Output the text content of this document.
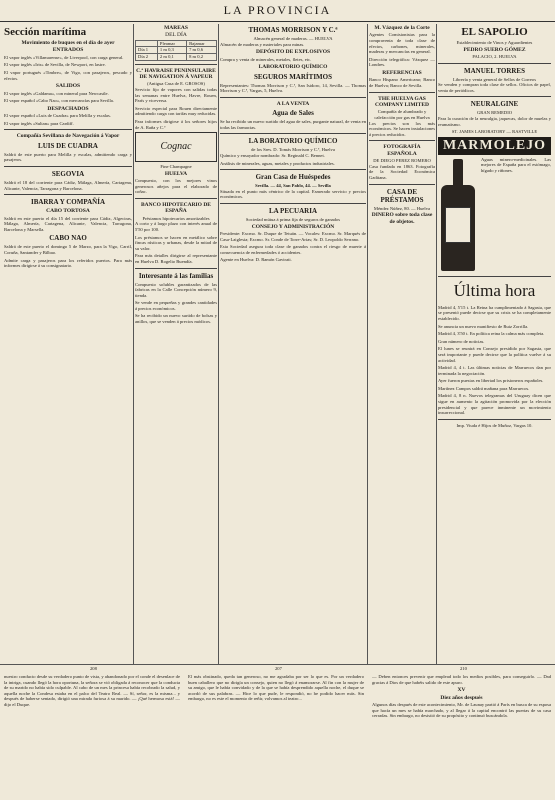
LA PROVINCIA
Sección marítima
Movimiento de buques en el día de ayer
ENTRADOS

El vapor inglés «Villamarense», de Liverpool, con carga general.

El vapor inglés «Iris» de Sevilla, de Newport, en lastre.

El vapor portugués «Timbre», de Vigo, con pasajeros, pescado y efectos.

SALIDOS

El vapor inglés «Galdama», con mineral para Newcastle.

El vapor español «Cabo Nao», con mercancías para Sevilla.

DESPACHADOS

El vapor español «Luis de Cuadra» para Melilla y escalas.

El vapor inglés «Sultan» para Cardiff.

Compañía Sevillana de Navegación á Vapor
LUIS DE CUADRA

Saldrá de este puerto para Melilla y escalas, admitiendo carga y pasajeros.

SEGOVIA

Saldrá el 18 del corriente para Cádiz, Málaga, Almería, Cartagena, Alicante, Valencia, Tarragona y Barcelona.

IBARRA Y COMPAÑÍA
CABO TORTOSA

Saldrá en este puerto el día 15 del corriente para Cádiz, Algeciras, Málaga, Almería, Cartagena, Alicante, Valencia, Tarragona, Barcelona y Marsella.

CABO NAO

Saldrá de este puerto el domingo 5 de Marzo, para la Vigo, Carril, Coruña, Santander y Bilbao.

Admite carga y pasajeros para los referidos puertos. Para más informes dirigirse á su consignatario.

MAREAS
DEL DÍA
	Pleamar	Bajamar
Día 1	1 m 0,3	7 m 0,6
Día 2	2 m 0,1	8 m 0,2
C.ª HAVRAISE PENINSULAIRE DE NAVIGATION Á VAPEUR
(Antigua Casa de E. GROSOS)

Servicio fijo de vapores con salidas todas las semanas entre Huelva, Havre, Rouen, París y viceversa.

Servicio especial para Rouen directamente admitiendo carga con tarifas muy reducidas.

Para informes dirigirse á los señores hijos de A. Raña y C.ª

Cognac
Fine Champagne
HUELVA

Compuesto, con los mejores vinos generosos añejos para el elaborado de coñac.

BANCO HIPOTECARIO DE ESPAÑA
Préstamos hipotecarios amortizables

A corto y á largo plazo con interés anual de 5'50 por 100.

Los préstamos se hacen en metálico sobre fincas rústicas y urbanas, desde la mitad de su valor.

Para más detalles dirigirse al representante en Huelva D. Rogelio Buendía.

Interesante á las familias

Compuesto solubles garantizados de las fabricas en la Calle Concepción número 9, tienda.

Se vende en pequeñas y grandes cantidades á precios económicos.

Se ha recibido un nuevo surtido de bolsas y anillos, que se venden á precios módicos.

THOMAS MORRISON Y C.ª
Almacén general de maderas. — HUELVA

Almacén de maderas y materiales para minas.

DEPÓSITO DE EXPLOSIVOS

Compra y venta de minerales, metales, fletes, etc.

LABORATORIO QUÍMICO
SEGUROS MARÍTIMOS

Representantes: Thomas Morrison y C.ª, San Isidoro, 14, Sevilla. — Thomas Morrison y C.ª, Vargas, 5, Huelva.

A LA VENTA
Agua de Sales

Se ha recibido un nuevo surtido del agua de sales, purgante natural, de venta en todas las farmacias.

LA BORATORIO QUÍMICO
de los Sres. D. Tomás Morrison y C.ª, Huelva

Químico y ensayador nombrado: Sr. Reginald C. Bennet.

Análisis de minerales, aguas, metales y productos industriales.

Gran Casa de Huéspedes
Sevilla. — 44, San Pablo, 44. — Sevilla

Situada en el punto más céntrico de la capital. Esmerado servicio y precios económicos.

LA PECUARIA
Sociedad mútua á prima fija de seguros de ganados
CONSEJO Y ADMINISTRACIÓN

Presidente: Excmo. Sr. Duque de Tetuán. — Vocales: Excmo. Sr. Marqués de Casa-Laiglesia; Excmo. Sr. Conde de Torre-Arias; Sr. D. Leopoldo Serrano.

Esta Sociedad asegura toda clase de ganados contra el riesgo de muerte á consecuencia de enfermedades ó accidentes.

Agente en Huelva: D. Ramón Gavirati.

M. Vázquez de la Corte

Agentes Comisionistas para la compraventa de toda clase de efectos, carbones, minerales, maderas y mercancías en general.

Dirección telegráfica: Vázquez — Londres.

REFERENCIAS

Banco Hispano Americano; Banco de Huelva; Banco de Sevilla.

THE HUELVA GAS COMPANY LIMITED
Compañía de alumbrado y calefacción por gas en Huelva

Los precios son los más económicos. Se hacen instalaciones á precios reducidos.

FOTOGRAFÍA ESPAÑOLA
DE DIEGO PEREZ ROMERO

Casa fundada en 1863. Fotografía de la Sociedad Económica Gaditana.

CASA DE PRÉSTAMOS
Méndez Núñez, 80. — Huelva
DINERO sobre toda clase de objetos.
EL SAPOLIO
Establecimiento de Vinos y Aguardientes
PEDRO SUERO GÓMEZ
PALACIO, 2. HUELVA
MANUEL TORRES
Librería y venta general de Sellos de Correos

Se venden y compran toda clase de sellos. Oficios de papel, venta de periódicos.

NEURALGINE
GRAN REMEDIO

Para la curación de la neuralgia, jaquecas, dolor de muelas y reumatismo.

ST. JAMES LABORATORY — RASTVILLE
MARMOLEJO

Aguas minero-medicinales. Las mejores de España para el estómago, hígado y riñones.

Última hora

Madrid 4, 5'15 t. La Reina ha cumplimentado á Sagasta, que se presentó puede decirse que su crisis se ha completamente establecido.

Se anuncia un nuevo manifiesto de Ruiz Zorrilla.

Madrid 4, 3'50 t. En política reina la calma más completa.

Gran número de noticias.

El lunes se reunirá en Consejo presidido por Sagasta, que será importante y puede decirse que la política vuelve á su actividad.

Madrid 4, 4 t. Las últimas noticias de Marruecos dan por terminada la negociación.

Ayer fueron puestas en libertad los prisioneros españoles.

Martínez Campos saldrá mañana para Marruecos.

Madrid 4, 8 n. Nuevos telegramas del Uruguay dicen que sigue en aumento la agitación promovida por la elección presidencial y que parece inminente un movimiento insurreccional.

Imp. Viuda é Hijos de Muñoz, Vargas 10.
208	207	210

nuestro conducto desde su verdadero punto de vista, y abandonado por el conde el desenlace de la intriga, cuando llegó la hora oportuna, la señora se vió obligada á reconocer que la conducta de su marido no había sido culpable. Al cabo de un mes la princesa había recobrado la salud, y aquella noche la Condesa estaba en el palco del Teatro Real. — Sí, señor, es la misma... y después de haberse sentado, dirigió una mirada furiosa á su marido. — ¡Qué hermosa está! — dijo el Duque.

El más obstinado, queda tan generoso, no me agradaba por ser lo que es. Por un verdadero buen caballero que no dirigía un consejo, quien no llegó á enamorarse. Al fin con la mujer de su amigo, que le había convidado y de la que se había desprendido aquella noche, el duque se acordó de sus palabras. — Hice lo que pude, le respondió, no he podido hacer más. Sin embargo, no es este el momento de reñir, volvamos al teatro...

— Deben entonces prevenir que emplead todo los medios posibles, para conseguirlo. — Dad gracias á Dios de que habéis salido de este apuro.

XV
Diez años después

Algunos días después de este acontecimiento, Mr. de Launay partió á París en busca de su esposa que hacía un mes se había marchado, y al llegar á la capital encontró las puertas de su casa cerradas. Sin embargo, no desistió de su propósito y continuó buscándola.
